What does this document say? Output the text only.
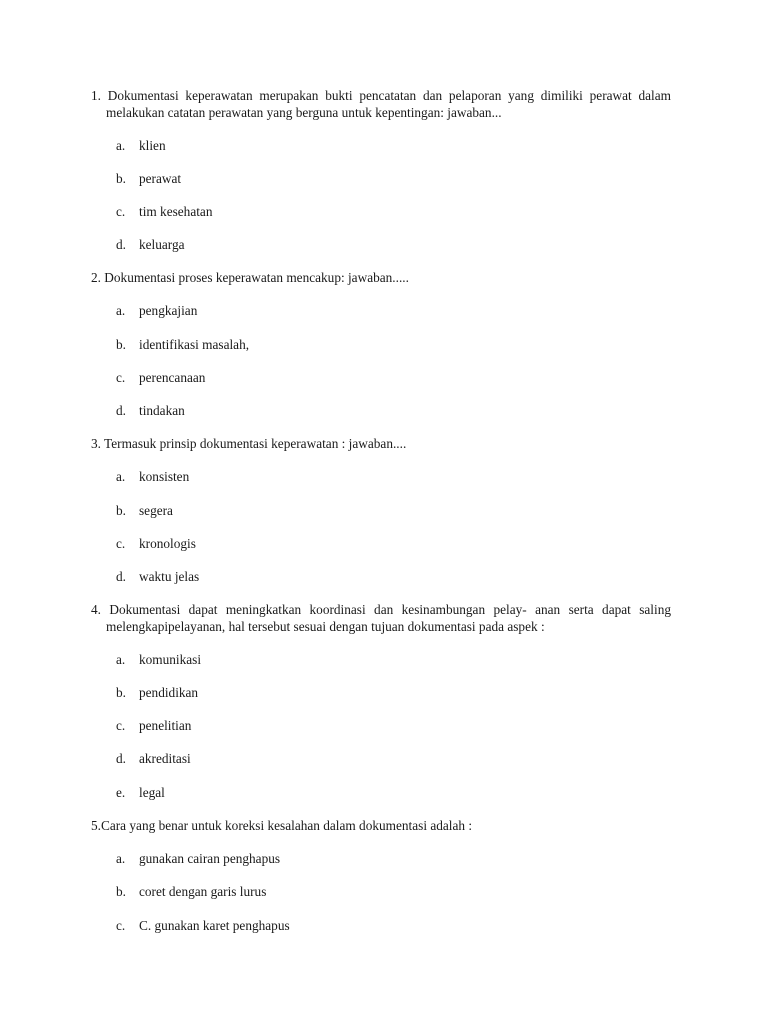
1. Dokumentasi keperawatan merupakan bukti pencatatan dan pelaporan yang dimiliki perawat dalam
melakukan catatan perawatan yang berguna untuk kepentingan: jawaban...
a. klien
b. perawat
c. tim kesehatan
d. keluarga
2. Dokumentasi proses keperawatan mencakup: jawaban.....
a. pengkajian
b. identifikasi masalah,
c. perencanaan
d. tindakan
3. Termasuk prinsip dokumentasi keperawatan : jawaban....
a. konsisten
b. segera
c. kronologis
d. waktu jelas
4. Dokumentasi dapat meningkatkan koordinasi dan kesinambungan pelay- anan serta dapat saling
melengkapipelayanan, hal tersebut sesuai dengan tujuan dokumentasi pada aspek :
a. komunikasi
b. pendidikan
c. penelitian
d. akreditasi
e. legal
5.Cara yang benar untuk koreksi kesalahan dalam dokumentasi adalah :
a. gunakan cairan penghapus
b. coret dengan garis lurus
c. C. gunakan karet penghapus
